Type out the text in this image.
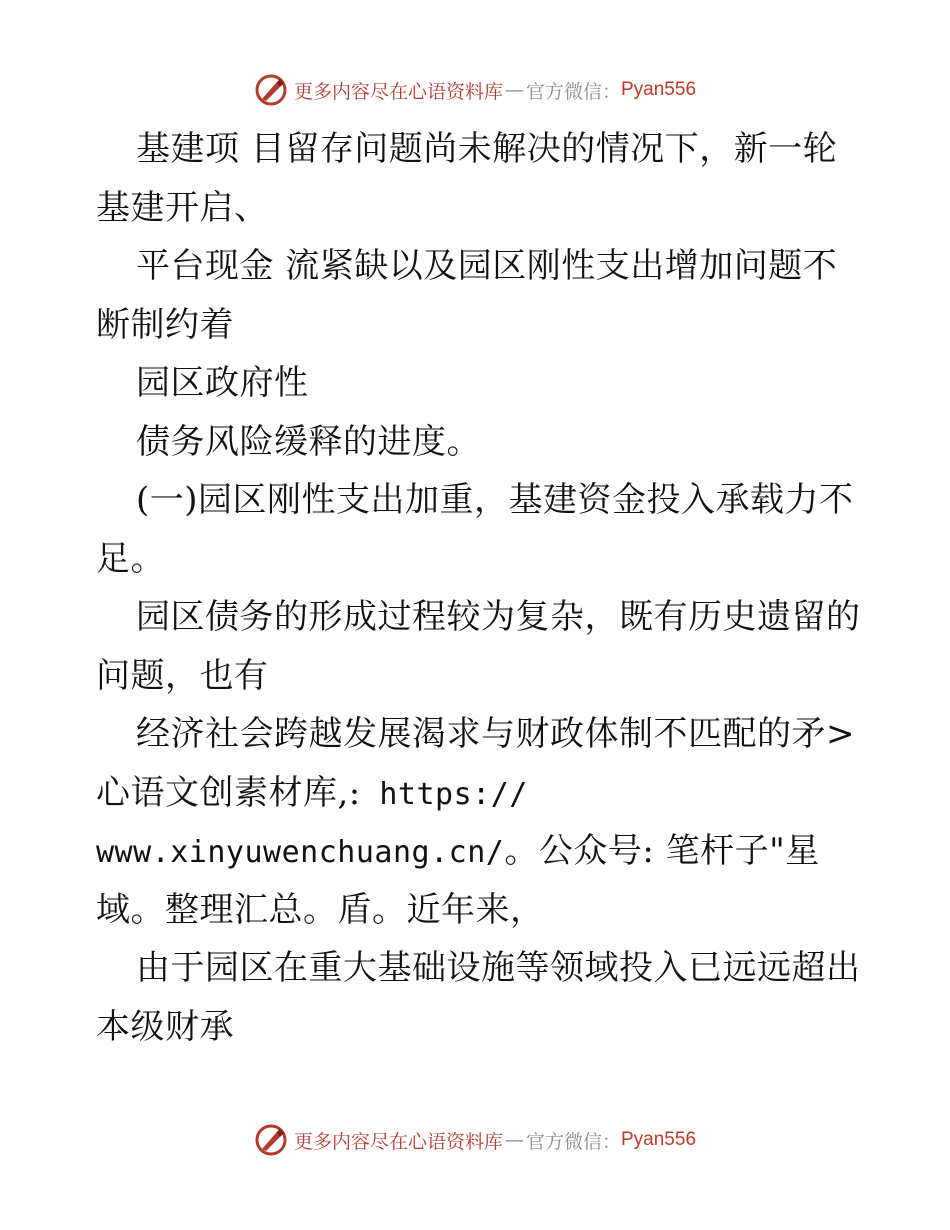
更多内容尽在心语资料库 — 官方微信： Pyan556
基建项 目留存问题尚未解决的情况下，新一轮
基建开启、
平台现金 流紧缺以及园区刚性支出增加问题不
断制约着
园区政府性
债务风险缓释的进度。
(一)园区刚性支出加重，基建资金投入承载力不
足。
园区债务的形成过程较为复杂，既有历史遗留的
问题，也有
经济社会跨越发展渴求与财政体制不匹配的矛>
心语文创素材库,: https://
www.xinyuwenchuang.cn/。公众号: 笔杆子"星
域。整理汇总。盾。近年来，
由于园区在重大基础设施等领域投入已远远超出
本级财承
更多内容尽在心语资料库 — 官方微信： Pyan556
